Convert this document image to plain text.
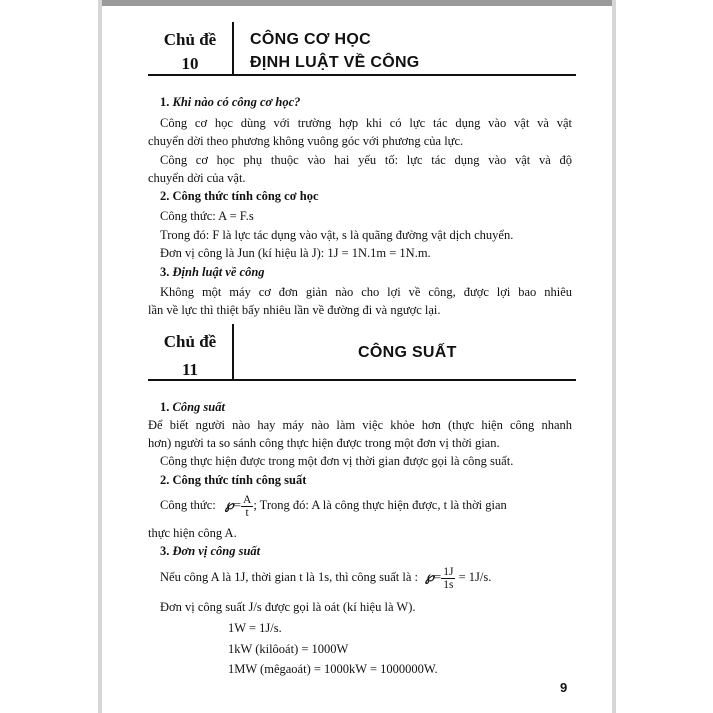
Chủ đề
10
CÔNG CƠ HỌC
ĐỊNH LUẬT VỀ CÔNG
1. Khi nào có công cơ học?
Công cơ học dùng với trường hợp khi có lực tác dụng vào vật và vật
chuyển dời theo phương không vuông góc với phương của lực.
Công cơ học phụ thuộc vào hai yếu tố: lực tác dụng vào vật và độ
chuyển dời của vật.
2. Công thức tính công cơ học
Công thức: A = F.s
Trong đó: F là lực tác dụng vào vật, s là quãng đường vật dịch chuyển.
Đơn vị công là Jun (kí hiệu là J): 1J = 1N.1m = 1N.m.
3. Định luật về công
Không một máy cơ đơn giản nào cho lợi về công, được lợi bao nhiêu
lần về lực thì thiệt bấy nhiêu lần về đường đi và ngược lại.
Chủ đề
11
CÔNG SUẤT
1. Công suất
Để biết người nào hay máy nào làm việc khỏe hơn (thực hiện công nhanh
hơn) người ta so sánh công thực hiện được trong một đơn vị thời gian.
Công thực hiện được trong một đơn vị thời gian được gọi là công suất.
2. Công thức tính công suất
Công thức: ℘= $\frac{A}{t}$ ; Trong đó: A là công thực hiện được, t là thời gian
thực hiện công A.
3. Đơn vị công suất
Nếu công A là 1J, thời gian t là 1s, thì công suất là : ℘= $\frac{1J}{1s} = 1J/s$.
Đơn vị công suất J/s được gọi là oát (kí hiệu là W).
1W = 1J/s.
1kW (kilôoát) = 1000W
1MW (mêgaoát) = 1000kW = 1000000W.
9
